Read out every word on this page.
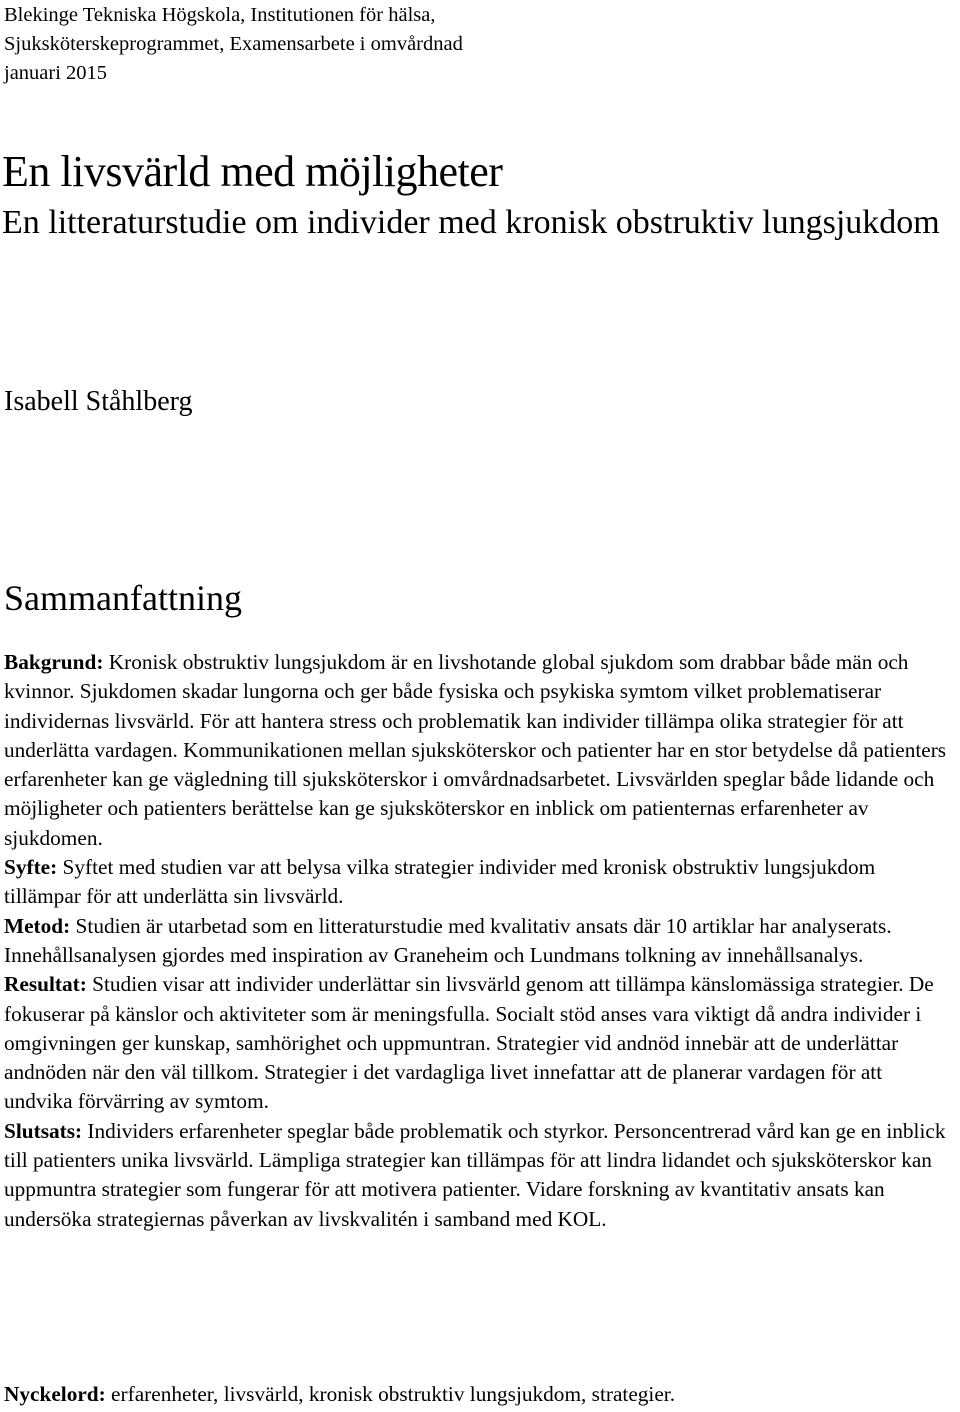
Blekinge Tekniska Högskola, Institutionen för hälsa,
Sjuksköterskeprogrammet, Examensarbete i omvårdnad
januari 2015
En livsvärld med möjligheter
En litteraturstudie om individer med kronisk obstruktiv lungsjukdom
Isabell Ståhlberg
Sammanfattning

Bakgrund: Kronisk obstruktiv lungsjukdom är en livshotande global sjukdom som drabbar både män och kvinnor. Sjukdomen skadar lungorna och ger både fysiska och psykiska symtom vilket problematiserar individernas livsvärld. För att hantera stress och problematik kan individer tillämpa olika strategier för att underlätta vardagen. Kommunikationen mellan sjuksköterskor och patienter har en stor betydelse då patienters erfarenheter kan ge vägledning till sjuksköterskor i omvårdnadsarbetet. Livsvärlden speglar både lidande och möjligheter och patienters berättelse kan ge sjuksköterskor en inblick om patienternas erfarenheter av sjukdomen.

Syfte: Syftet med studien var att belysa vilka strategier individer med kronisk obstruktiv lungsjukdom tillämpar för att underlätta sin livsvärld.

Metod: Studien är utarbetad som en litteraturstudie med kvalitativ ansats där 10 artiklar har analyserats. Innehållsanalysen gjordes med inspiration av Graneheim och Lundmans tolkning av innehållsanalys.

Resultat: Studien visar att individer underlättar sin livsvärld genom att tillämpa känslomässiga strategier. De fokuserar på känslor och aktiviteter som är meningsfulla. Socialt stöd anses vara viktigt då andra individer i omgivningen ger kunskap, samhörighet och uppmuntran. Strategier vid andnöd innebär att de underlättar andnöden när den väl tillkom. Strategier i det vardagliga livet innefattar att de planerar vardagen för att undvika förvärring av symtom.

Slutsats: Individers erfarenheter speglar både problematik och styrkor. Personcentrerad vård kan ge en inblick till patienters unika livsvärld. Lämpliga strategier kan tillämpas för att lindra lidandet och sjuksköterskor kan uppmuntra strategier som fungerar för att motivera patienter. Vidare forskning av kvantitativ ansats kan undersöka strategiernas påverkan av livskvalitén i samband med KOL.

Nyckelord: erfarenheter, livsvärld, kronisk obstruktiv lungsjukdom, strategier.
